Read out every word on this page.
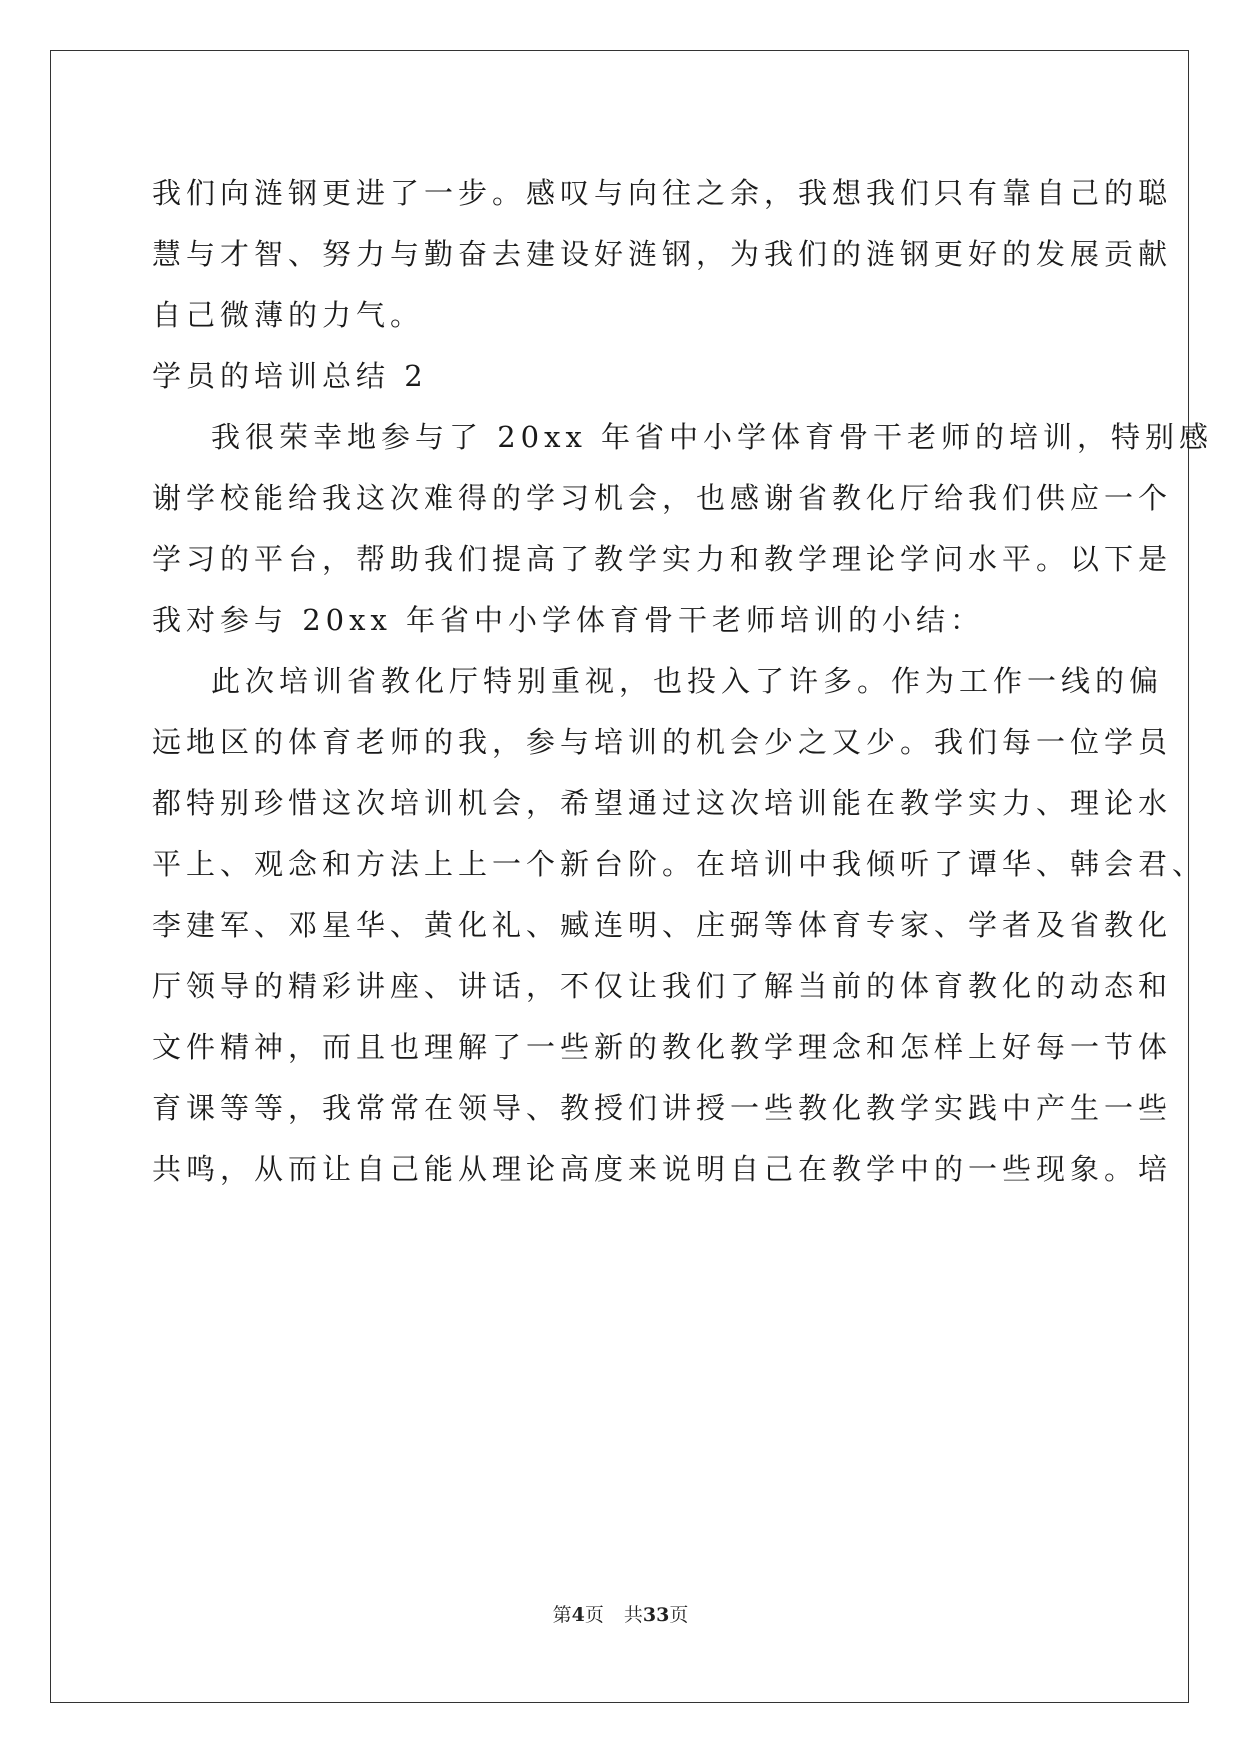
我们向涟钢更进了一步。感叹与向往之余，我想我们只有靠自己的聪
慧与才智、努力与勤奋去建设好涟钢，为我们的涟钢更好的发展贡献
自己微薄的力气。
学员的培训总结 2
我很荣幸地参与了 20xx 年省中小学体育骨干老师的培训，特别感
谢学校能给我这次难得的学习机会，也感谢省教化厅给我们供应一个
学习的平台，帮助我们提高了教学实力和教学理论学问水平。以下是
我对参与 20xx 年省中小学体育骨干老师培训的小结：
此次培训省教化厅特别重视，也投入了许多。作为工作一线的偏
远地区的体育老师的我，参与培训的机会少之又少。我们每一位学员
都特别珍惜这次培训机会，希望通过这次培训能在教学实力、理论水
平上、观念和方法上上一个新台阶。在培训中我倾听了谭华、韩会君、
李建军、邓星华、黄化礼、臧连明、庄弼等体育专家、学者及省教化
厅领导的精彩讲座、讲话，不仅让我们了解当前的体育教化的动态和
文件精神，而且也理解了一些新的教化教学理念和怎样上好每一节体
育课等等，我常常在领导、教授们讲授一些教化教学实践中产生一些
共鸣，从而让自己能从理论高度来说明自己在教学中的一些现象。培
第4页 共33页
